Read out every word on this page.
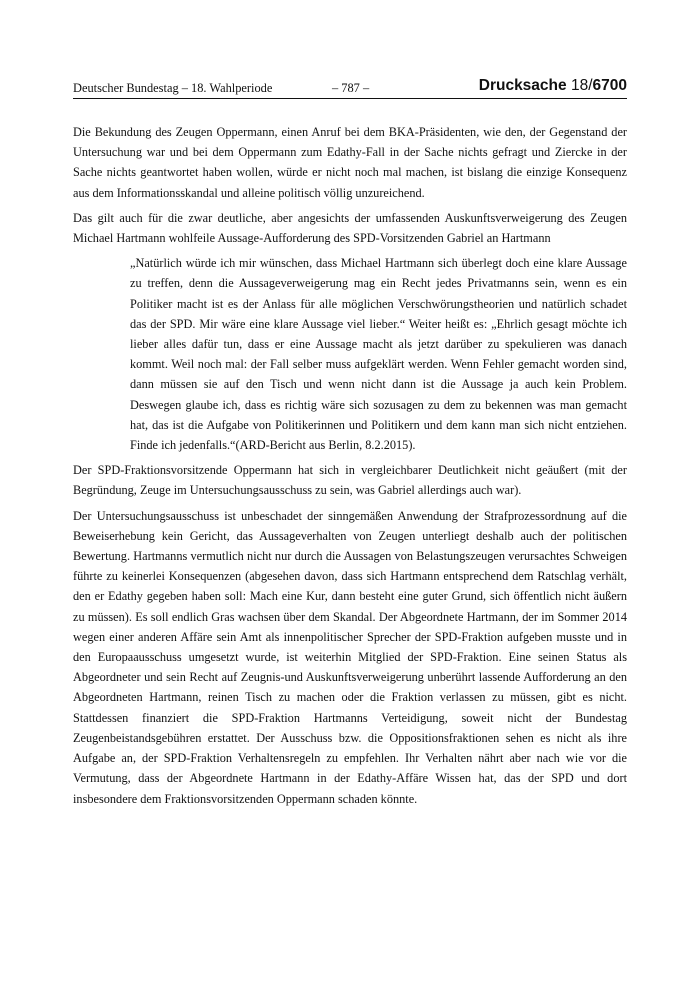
Deutscher Bundestag – 18. Wahlperiode	– 787 –	Drucksache 18/6700

Die Bekundung des Zeugen Oppermann, einen Anruf bei dem BKA-Präsidenten, wie den, der Gegenstand der Untersuchung war und bei dem Oppermann zum Edathy-Fall in der Sache nichts gefragt und Ziercke in der Sache nichts geantwortet haben wollen, würde er nicht noch mal machen, ist bislang die einzige Konsequenz aus dem Informationsskandal und alleine politisch völlig unzureichend.

Das gilt auch für die zwar deutliche, aber angesichts der umfassenden Auskunftsverweigerung des Zeugen Michael Hartmann wohlfeile Aussage-Aufforderung des SPD-Vorsitzenden Gabriel an Hartmann

„Natürlich würde ich mir wünschen, dass Michael Hartmann sich überlegt doch eine klare Aussage zu treffen, denn die Aussageverweigerung mag ein Recht jedes Privatmanns sein, wenn es ein Politiker macht ist es der Anlass für alle möglichen Verschwörungstheorien und natürlich schadet das der SPD. Mir wäre eine klare Aussage viel lieber.“ Weiter heißt es: „Ehrlich gesagt möchte ich lieber alles dafür tun, dass er eine Aussage macht als jetzt darüber zu spekulieren was danach kommt. Weil noch mal: der Fall selber muss aufgeklärt werden. Wenn Fehler gemacht worden sind, dann müssen sie auf den Tisch und wenn nicht dann ist die Aussage ja auch kein Problem. Deswegen glaube ich, dass es richtig wäre sich sozusagen zu dem zu bekennen was man gemacht hat, das ist die Aufgabe von Politikerinnen und Politikern und dem kann man sich nicht entziehen. Finde ich jedenfalls.“(ARD-Bericht aus Berlin, 8.2.2015).

Der SPD-Fraktionsvorsitzende Oppermann hat sich in vergleichbarer Deutlichkeit nicht geäußert (mit der Begründung, Zeuge im Untersuchungsausschuss zu sein, was Gabriel allerdings auch war).

Der Untersuchungsausschuss ist unbeschadet der sinngemäßen Anwendung der Strafprozessordnung auf die Beweiserhebung kein Gericht, das Aussageverhalten von Zeugen unterliegt deshalb auch der politischen Bewertung. Hartmanns vermutlich nicht nur durch die Aussagen von Belastungszeugen verursachtes Schweigen führte zu keinerlei Konsequenzen (abgesehen davon, dass sich Hartmann entsprechend dem Ratschlag verhält, den er Edathy gegeben haben soll: Mach eine Kur, dann besteht eine guter Grund, sich öffentlich nicht äußern zu müssen). Es soll endlich Gras wachsen über dem Skandal. Der Abgeordnete Hartmann, der im Sommer 2014 wegen einer anderen Affäre sein Amt als innenpolitischer Sprecher der SPD-Fraktion aufgeben musste und in den Europaausschuss umgesetzt wurde, ist weiterhin Mitglied der SPD-Fraktion. Eine seinen Status als Abgeordneter und sein Recht auf Zeugnis-und Auskunftsverweigerung unberührt lassende Aufforderung an den Abgeordneten Hartmann, reinen Tisch zu machen oder die Fraktion verlassen zu müssen, gibt es nicht. Stattdessen finanziert die SPD-Fraktion Hartmanns Verteidigung, soweit nicht der Bundestag Zeugenbeistandsgebühren erstattet. Der Ausschuss bzw. die Oppositionsfraktionen sehen es nicht als ihre Aufgabe an, der SPD-Fraktion Verhaltensregeln zu empfehlen. Ihr Verhalten nährt aber nach wie vor die Vermutung, dass der Abgeordnete Hartmann in der Edathy-Affäre Wissen hat, das der SPD und dort insbesondere dem Fraktionsvorsitzenden Oppermann schaden könnte.
